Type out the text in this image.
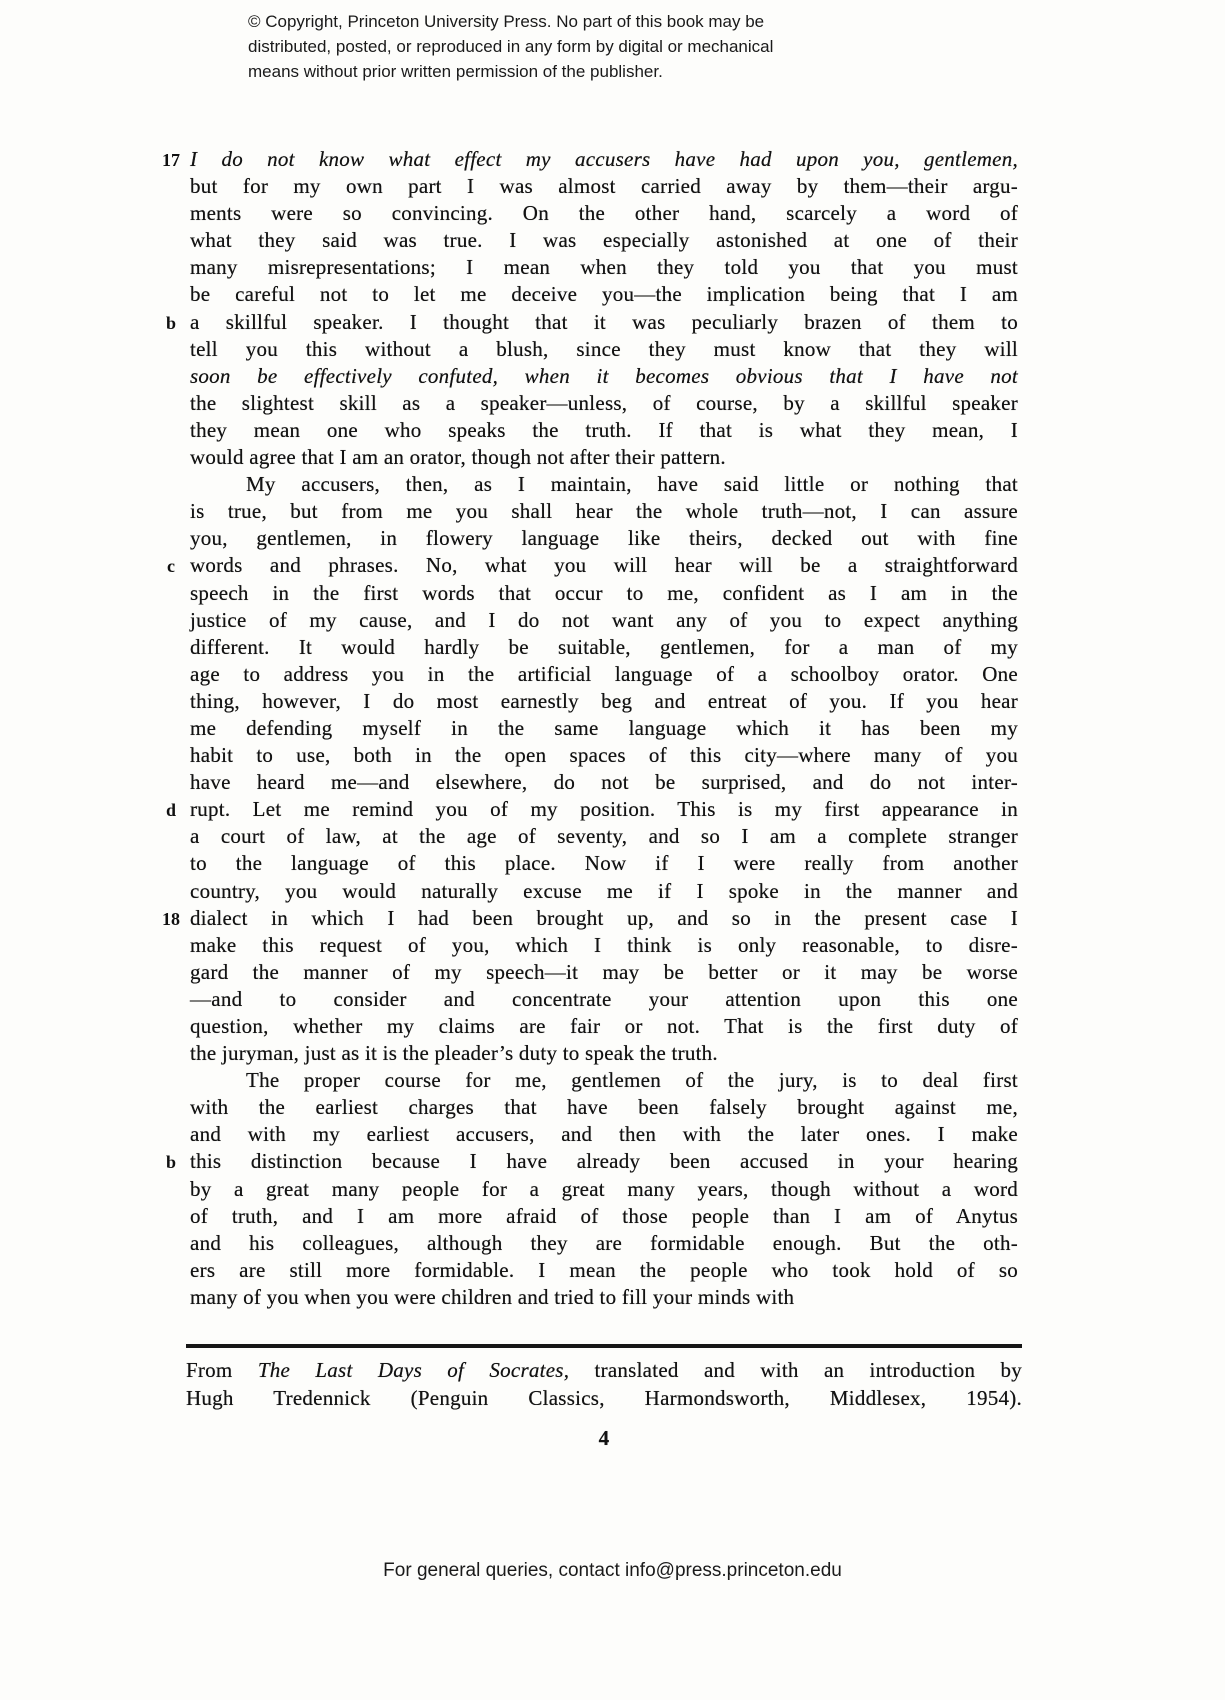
© Copyright, Princeton University Press. No part of this book may be
distributed, posted, or reproduced in any form by digital or mechanical
means without prior written permission of the publisher.
17 I do not know what effect my accusers have had upon you, gentlemen,
but for my own part I was almost carried away by them—their argu-
ments were so convincing. On the other hand, scarcely a word of
what they said was true. I was especially astonished at one of their
many misrepresentations; I mean when they told you that you must
be careful not to let me deceive you—the implication being that I am
b a skillful speaker. I thought that it was peculiarly brazen of them to
tell you this without a blush, since they must know that they will
soon be effectively confuted, when it becomes obvious that I have not
the slightest skill as a speaker—unless, of course, by a skillful speaker
they mean one who speaks the truth. If that is what they mean, I
would agree that I am an orator, though not after their pattern.
My accusers, then, as I maintain, have said little or nothing that
is true, but from me you shall hear the whole truth—not, I can assure
you, gentlemen, in flowery language like theirs, decked out with fine
c words and phrases. No, what you will hear will be a straightforward
speech in the first words that occur to me, confident as I am in the
justice of my cause, and I do not want any of you to expect anything
different. It would hardly be suitable, gentlemen, for a man of my
age to address you in the artificial language of a schoolboy orator. One
thing, however, I do most earnestly beg and entreat of you. If you hear
me defending myself in the same language which it has been my
habit to use, both in the open spaces of this city—where many of you
have heard me—and elsewhere, do not be surprised, and do not inter-
d rupt. Let me remind you of my position. This is my first appearance in
a court of law, at the age of seventy, and so I am a complete stranger
to the language of this place. Now if I were really from another
country, you would naturally excuse me if I spoke in the manner and
18 dialect in which I had been brought up, and so in the present case I
make this request of you, which I think is only reasonable, to disre-
gard the manner of my speech—it may be better or it may be worse
—and to consider and concentrate your attention upon this one
question, whether my claims are fair or not. That is the first duty of
the juryman, just as it is the pleader’s duty to speak the truth.
The proper course for me, gentlemen of the jury, is to deal first
with the earliest charges that have been falsely brought against me,
and with my earliest accusers, and then with the later ones. I make
b this distinction because I have already been accused in your hearing
by a great many people for a great many years, though without a word
of truth, and I am more afraid of those people than I am of Anytus
and his colleagues, although they are formidable enough. But the oth-
ers are still more formidable. I mean the people who took hold of so
many of you when you were children and tried to fill your minds with

From The Last Days of Socrates, translated and with an introduction by

Hugh Tredennick (Penguin Classics, Harmondsworth, Middlesex, 1954).

4
For general queries, contact info@press.princeton.edu
